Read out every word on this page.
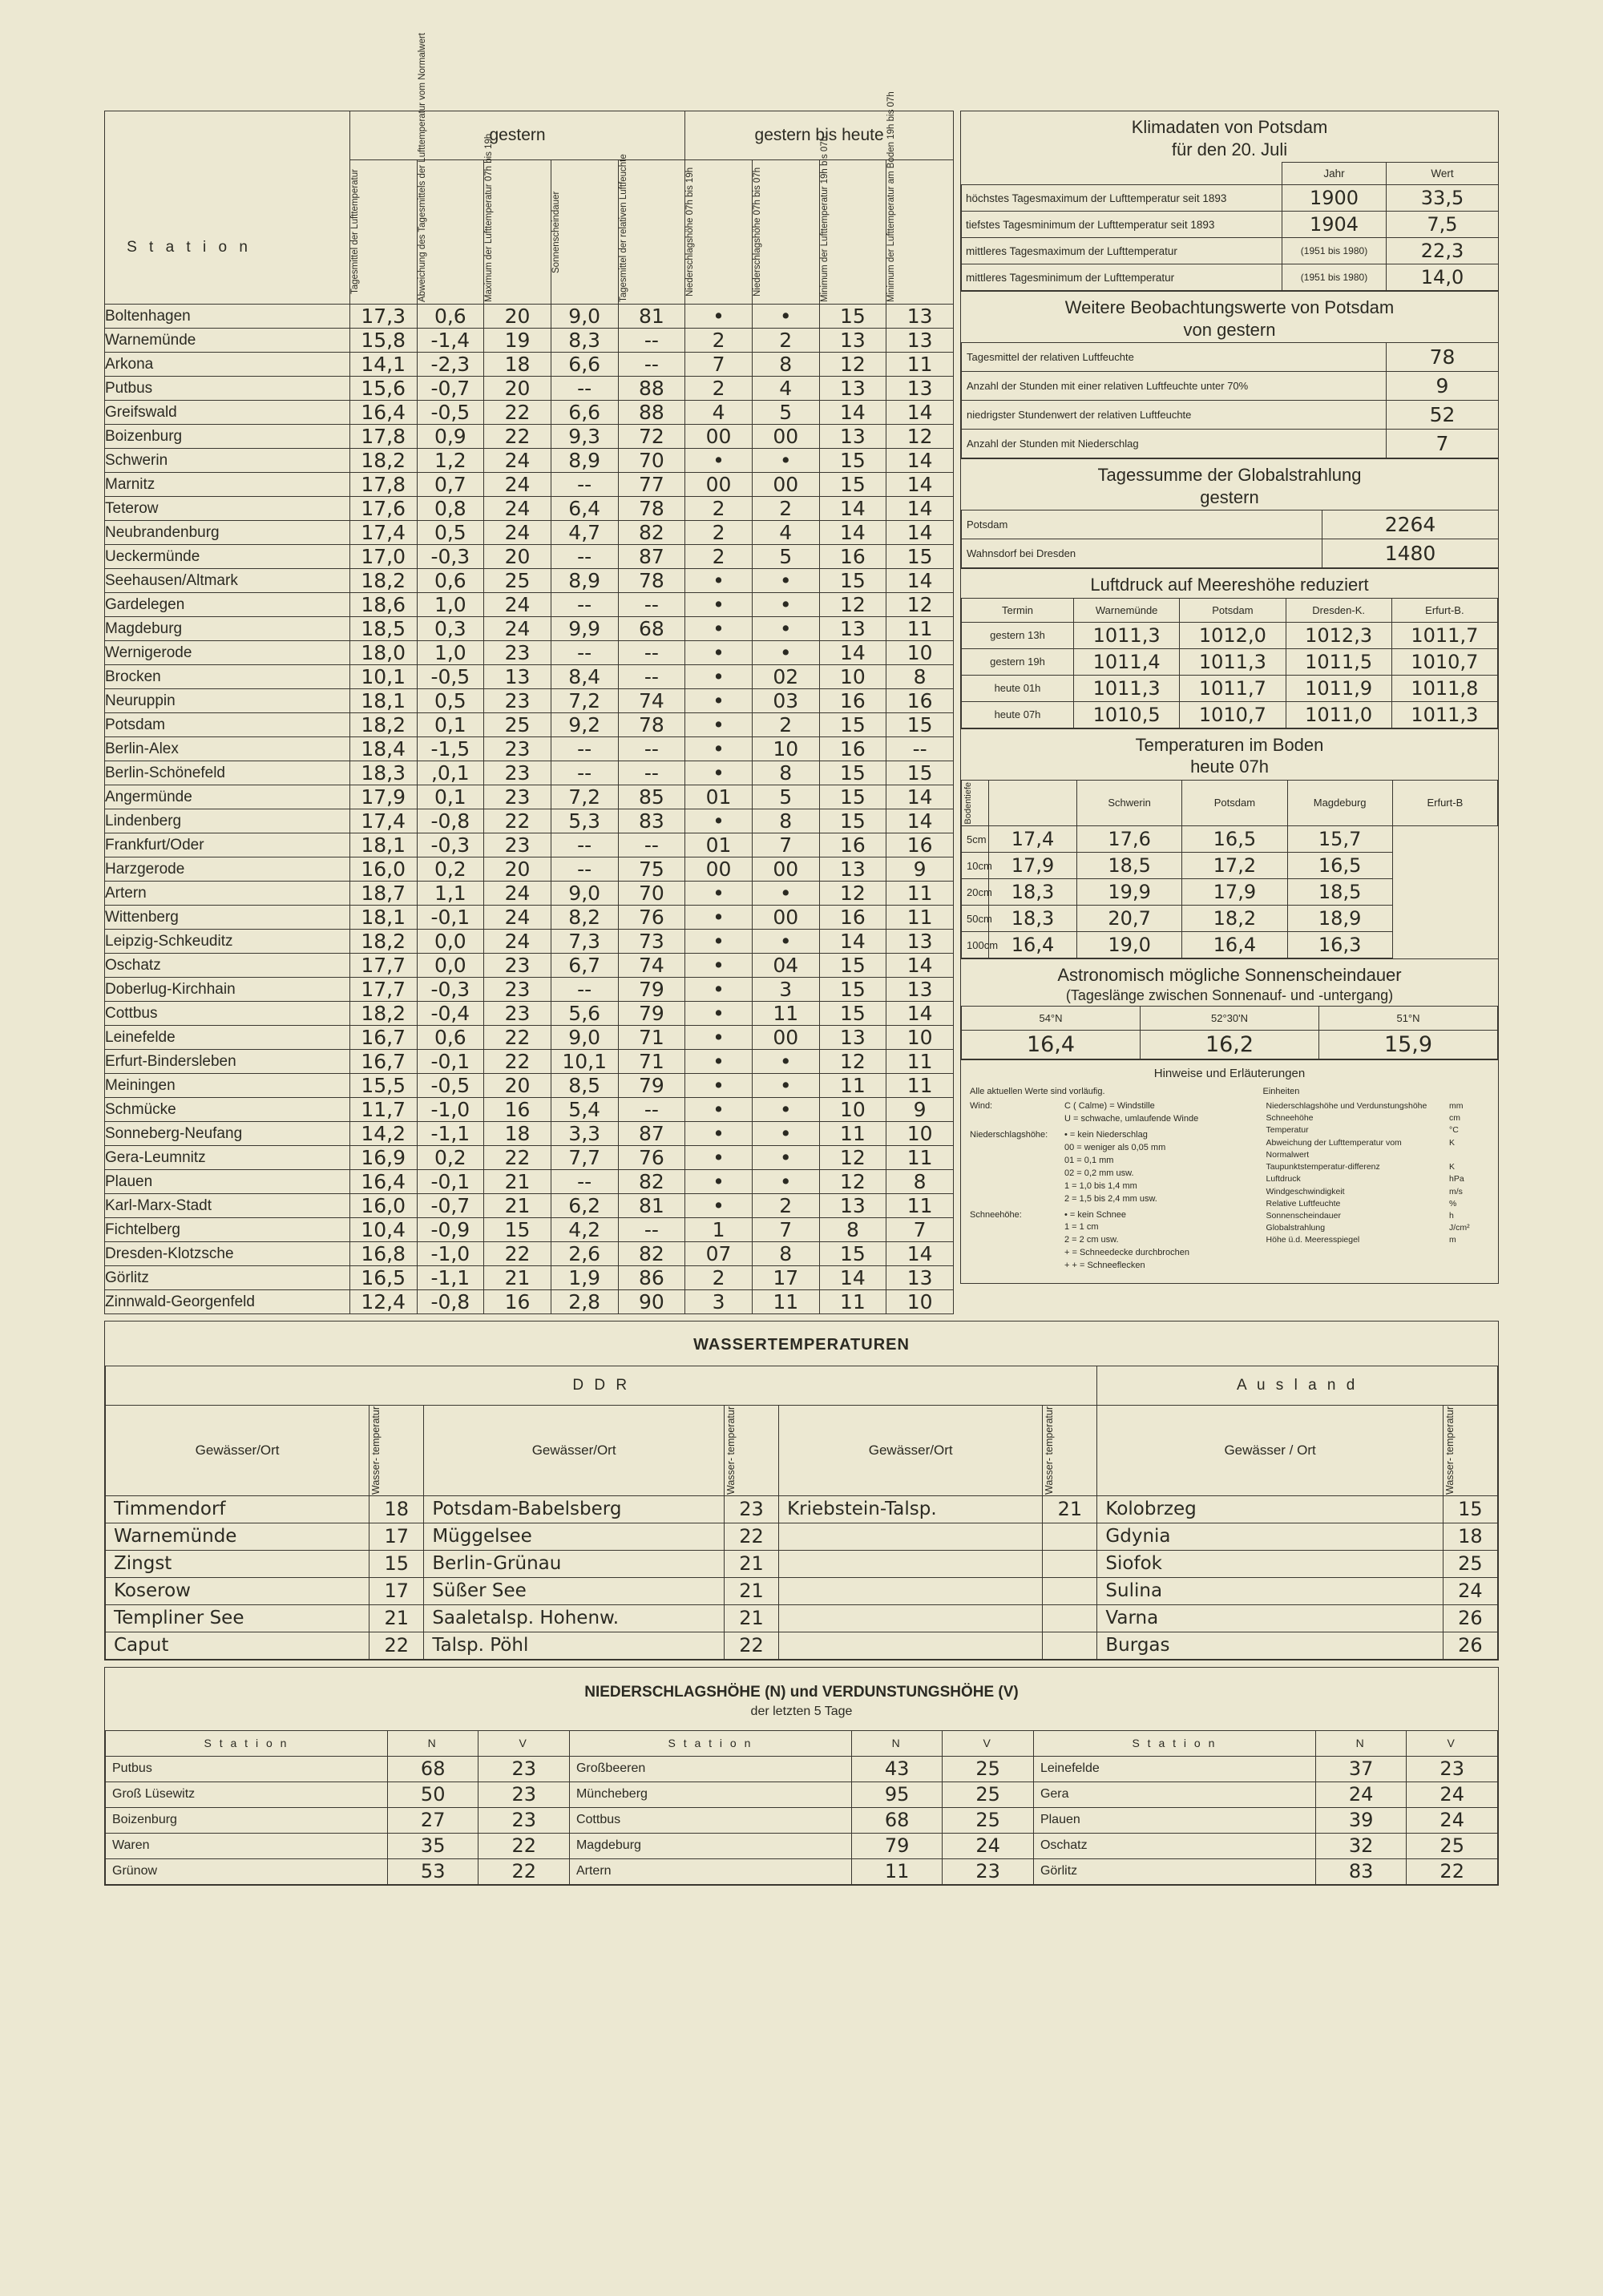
	gestern					gestern bis heute			

	Tagesmittel der Lufttemperatur	Abweichung des Tagesmittels der Lufttemperatur vom Normalwert	Maximum der Lufttemperatur 07h bis 19h	Sonnenscheindauer	Tagesmittel der relativen Luftfeuchte	Niederschlagshöhe 07h bis 19h	Niederschlagshöhe 07h bis 07h	Minimum der Lufttemperatur 19h bis 07h	Minimum der Lufttemperatur am Boden 19h bis 07h

Boltenhagen	17,3	0,6	20	9,0	81	•	•	15	13
Warnemünde	15,8	-1,4	19	8,3	--	2	2	13	13
Arkona	14,1	-2,3	18	6,6	--	7	8	12	11
Putbus	15,6	-0,7	20	--	88	2	4	13	13
Greifswald	16,4	-0,5	22	6,6	88	4	5	14	14
Boizenburg	17,8	0,9	22	9,3	72	00	00	13	12
Schwerin	18,2	1,2	24	8,9	70	•	•	15	14
Marnitz	17,8	0,7	24	--	77	00	00	15	14
Teterow	17,6	0,8	24	6,4	78	2	2	14	14
Neubrandenburg	17,4	0,5	24	4,7	82	2	4	14	14
Ueckermünde	17,0	-0,3	20	--	87	2	5	16	15
Seehausen/Altmark	18,2	0,6	25	8,9	78	•	•	15	14
Gardelegen	18,6	1,0	24	--	--	•	•	12	12
Magdeburg	18,5	0,3	24	9,9	68	•	•	13	11
Wernigerode	18,0	1,0	23	--	--	•	•	14	10
Brocken	10,1	-0,5	13	8,4	--	•	02	10	8
Neuruppin	18,1	0,5	23	7,2	74	•	03	16	16
Potsdam	18,2	0,1	25	9,2	78	•	2	15	15
Berlin-Alex	18,4	-1,5	23	--	--	•	10	16	--
Berlin-Schönefeld	18,3	,0,1	23	--	--	•	8	15	15
Angermünde	17,9	0,1	23	7,2	85	01	5	15	14
Lindenberg	17,4	-0,8	22	5,3	83	•	8	15	14
Frankfurt/Oder	18,1	-0,3	23	--	--	01	7	16	16
Harzgerode	16,0	0,2	20	--	75	00	00	13	9
Artern	18,7	1,1	24	9,0	70	•	•	12	11
Wittenberg	18,1	-0,1	24	8,2	76	•	00	16	11
Leipzig-Schkeuditz	18,2	0,0	24	7,3	73	•	•	14	13
Oschatz	17,7	0,0	23	6,7	74	•	04	15	14
Doberlug-Kirchhain	17,7	-0,3	23	--	79	•	3	15	13
Cottbus	18,2	-0,4	23	5,6	79	•	11	15	14
Leinefelde	16,7	0,6	22	9,0	71	•	00	13	10
Erfurt-Bindersleben	16,7	-0,1	22	10,1	71	•	•	12	11
Meiningen	15,5	-0,5	20	8,5	79	•	•	11	11
Schmücke	11,7	-1,0	16	5,4	--	•	•	10	9
Sonneberg-Neufang	14,2	-1,1	18	3,3	87	•	•	11	10
Gera-Leumnitz	16,9	0,2	22	7,7	76	•	•	12	11
Plauen	16,4	-0,1	21	--	82	•	•	12	8
Karl-Marx-Stadt	16,0	-0,7	21	6,2	81	•	2	13	11
Fichtelberg	10,4	-0,9	15	4,2	--	1	7	8	7
Dresden-Klotzsche	16,8	-1,0	22	2,6	82	07	8	15	14
Görlitz	16,5	-1,1	21	1,9	86	2	17	14	13
Zinnwald-Georgenfeld	12,4	-0,8	16	2,8	90	3	11	11	10
S t a t i o n
Klimadaten von Potsdam
für den 20. Juli
	Jahr	Wert
höchstes Tagesmaximum der Lufttemperatur seit 1893	1900	33,5
tiefstes Tagesminimum der Lufttemperatur seit 1893	1904	7,5
mittleres Tagesmaximum der Lufttemperatur	(1951 bis 1980)	22,3
mittleres Tagesminimum der Lufttemperatur	(1951 bis 1980)	14,0
Weitere Beobachtungswerte von Potsdam
von gestern
Tagesmittel der relativen Luftfeuchte	78
Anzahl der Stunden mit einer relativen Luftfeuchte unter 70%	9
niedrigster Stundenwert der relativen Luftfeuchte	52
Anzahl der Stunden mit Niederschlag	7
Tagessumme der Globalstrahlung
gestern
Potsdam	2264
Wahnsdorf bei Dresden	1480
Luftdruck auf Meereshöhe reduziert
Termin	Warnemünde	Potsdam	Dresden-K.	Erfurt-B.
gestern 13h	1011,3	1012,0	1012,3	1011,7
gestern 19h	1011,4	1011,3	1011,5	1010,7
heute 01h	1011,3	1011,7	1011,9	1011,8
heute 07h	1010,5	1010,7	1011,0	1011,3
Temperaturen im Boden
heute 07h
Bodentiefe		Schwerin	Potsdam	Magdeburg	Erfurt-B
5cm	17,4	17,6	16,5	15,7	
10cm	17,9	18,5	17,2	16,5	
20cm	18,3	19,9	17,9	18,5	
50cm	18,3	20,7	18,2	18,9	
100cm	16,4	19,0	16,4	16,3	
Astronomisch mögliche Sonnenscheindauer
(Tageslänge zwischen Sonnenauf- und -untergang)
54°N	52°30'N	51°N
16,4	16,2	15,9
Hinweise und Erläuterungen
Alle aktuellen Werte sind vorläufig.	Einheiten

Wind:	C ( Calme) = Windstille
U = schwache, umlaufende Winde
Niederschlagshöhe:	• = kein Niederschlag
00 = weniger als 0,05 mm
01 = 0,1 mm
02 = 0,2 mm usw.
1 = 1,0 bis 1,4 mm
2 = 1,5 bis 2,4 mm usw.
Schneehöhe:	• = kein Schnee
1 = 1 cm
2 = 2 cm usw.
+ = Schneedecke durchbrochen
+ + = Schneeflecken

Niederschlagshöhe und Verdunstungshöhe	mm
Schneehöhe	cm
Temperatur	°C
Abweichung der Lufttemperatur vom Normalwert	K
Taupunktstemperatur-differenz	K
Luftdruck	hPa
Windgeschwindigkeit	m/s
Relative Luftfeuchte	%
Sonnenscheindauer	h
Globalstrahlung	J/cm²
Höhe ü.d. Meeresspiegel	m
WASSERTEMPERATUREN
D D R						A u s l a n d	
Gewässer/Ort	Wasser- temperatur	Gewässer/Ort	Wasser- temperatur	Gewässer/Ort	Wasser- temperatur	Gewässer / Ort	Wasser- temperatur

Timmendorf	18	Potsdam-Babelsberg	23	Kriebstein-Talsp.	21	Kolobrzeg	15
Warnemünde	17	Müggelsee	22			Gdynia	18
Zingst	15	Berlin-Grünau	21			Siofok	25
Koserow	17	Süßer See	21			Sulina	24
Templiner See	21	Saaletalsp. Hohenw.	21			Varna	26
Caput	22	Talsp. Pöhl	22			Burgas	26
NIEDERSCHLAGSHÖHE (N) und VERDUNSTUNGSHÖHE (V)
der letzten 5 Tage
S t a t i o n	N	V	S t a t i o n	N	V	S t a t i o n	N	V
Putbus	68	23	Großbeeren	43	25	Leinefelde	37	23
Groß Lüsewitz	50	23	Müncheberg	95	25	Gera	24	24
Boizenburg	27	23	Cottbus	68	25	Plauen	39	24
Waren	35	22	Magdeburg	79	24	Oschatz	32	25
Grünow	53	22	Artern	11	23	Görlitz	83	22
